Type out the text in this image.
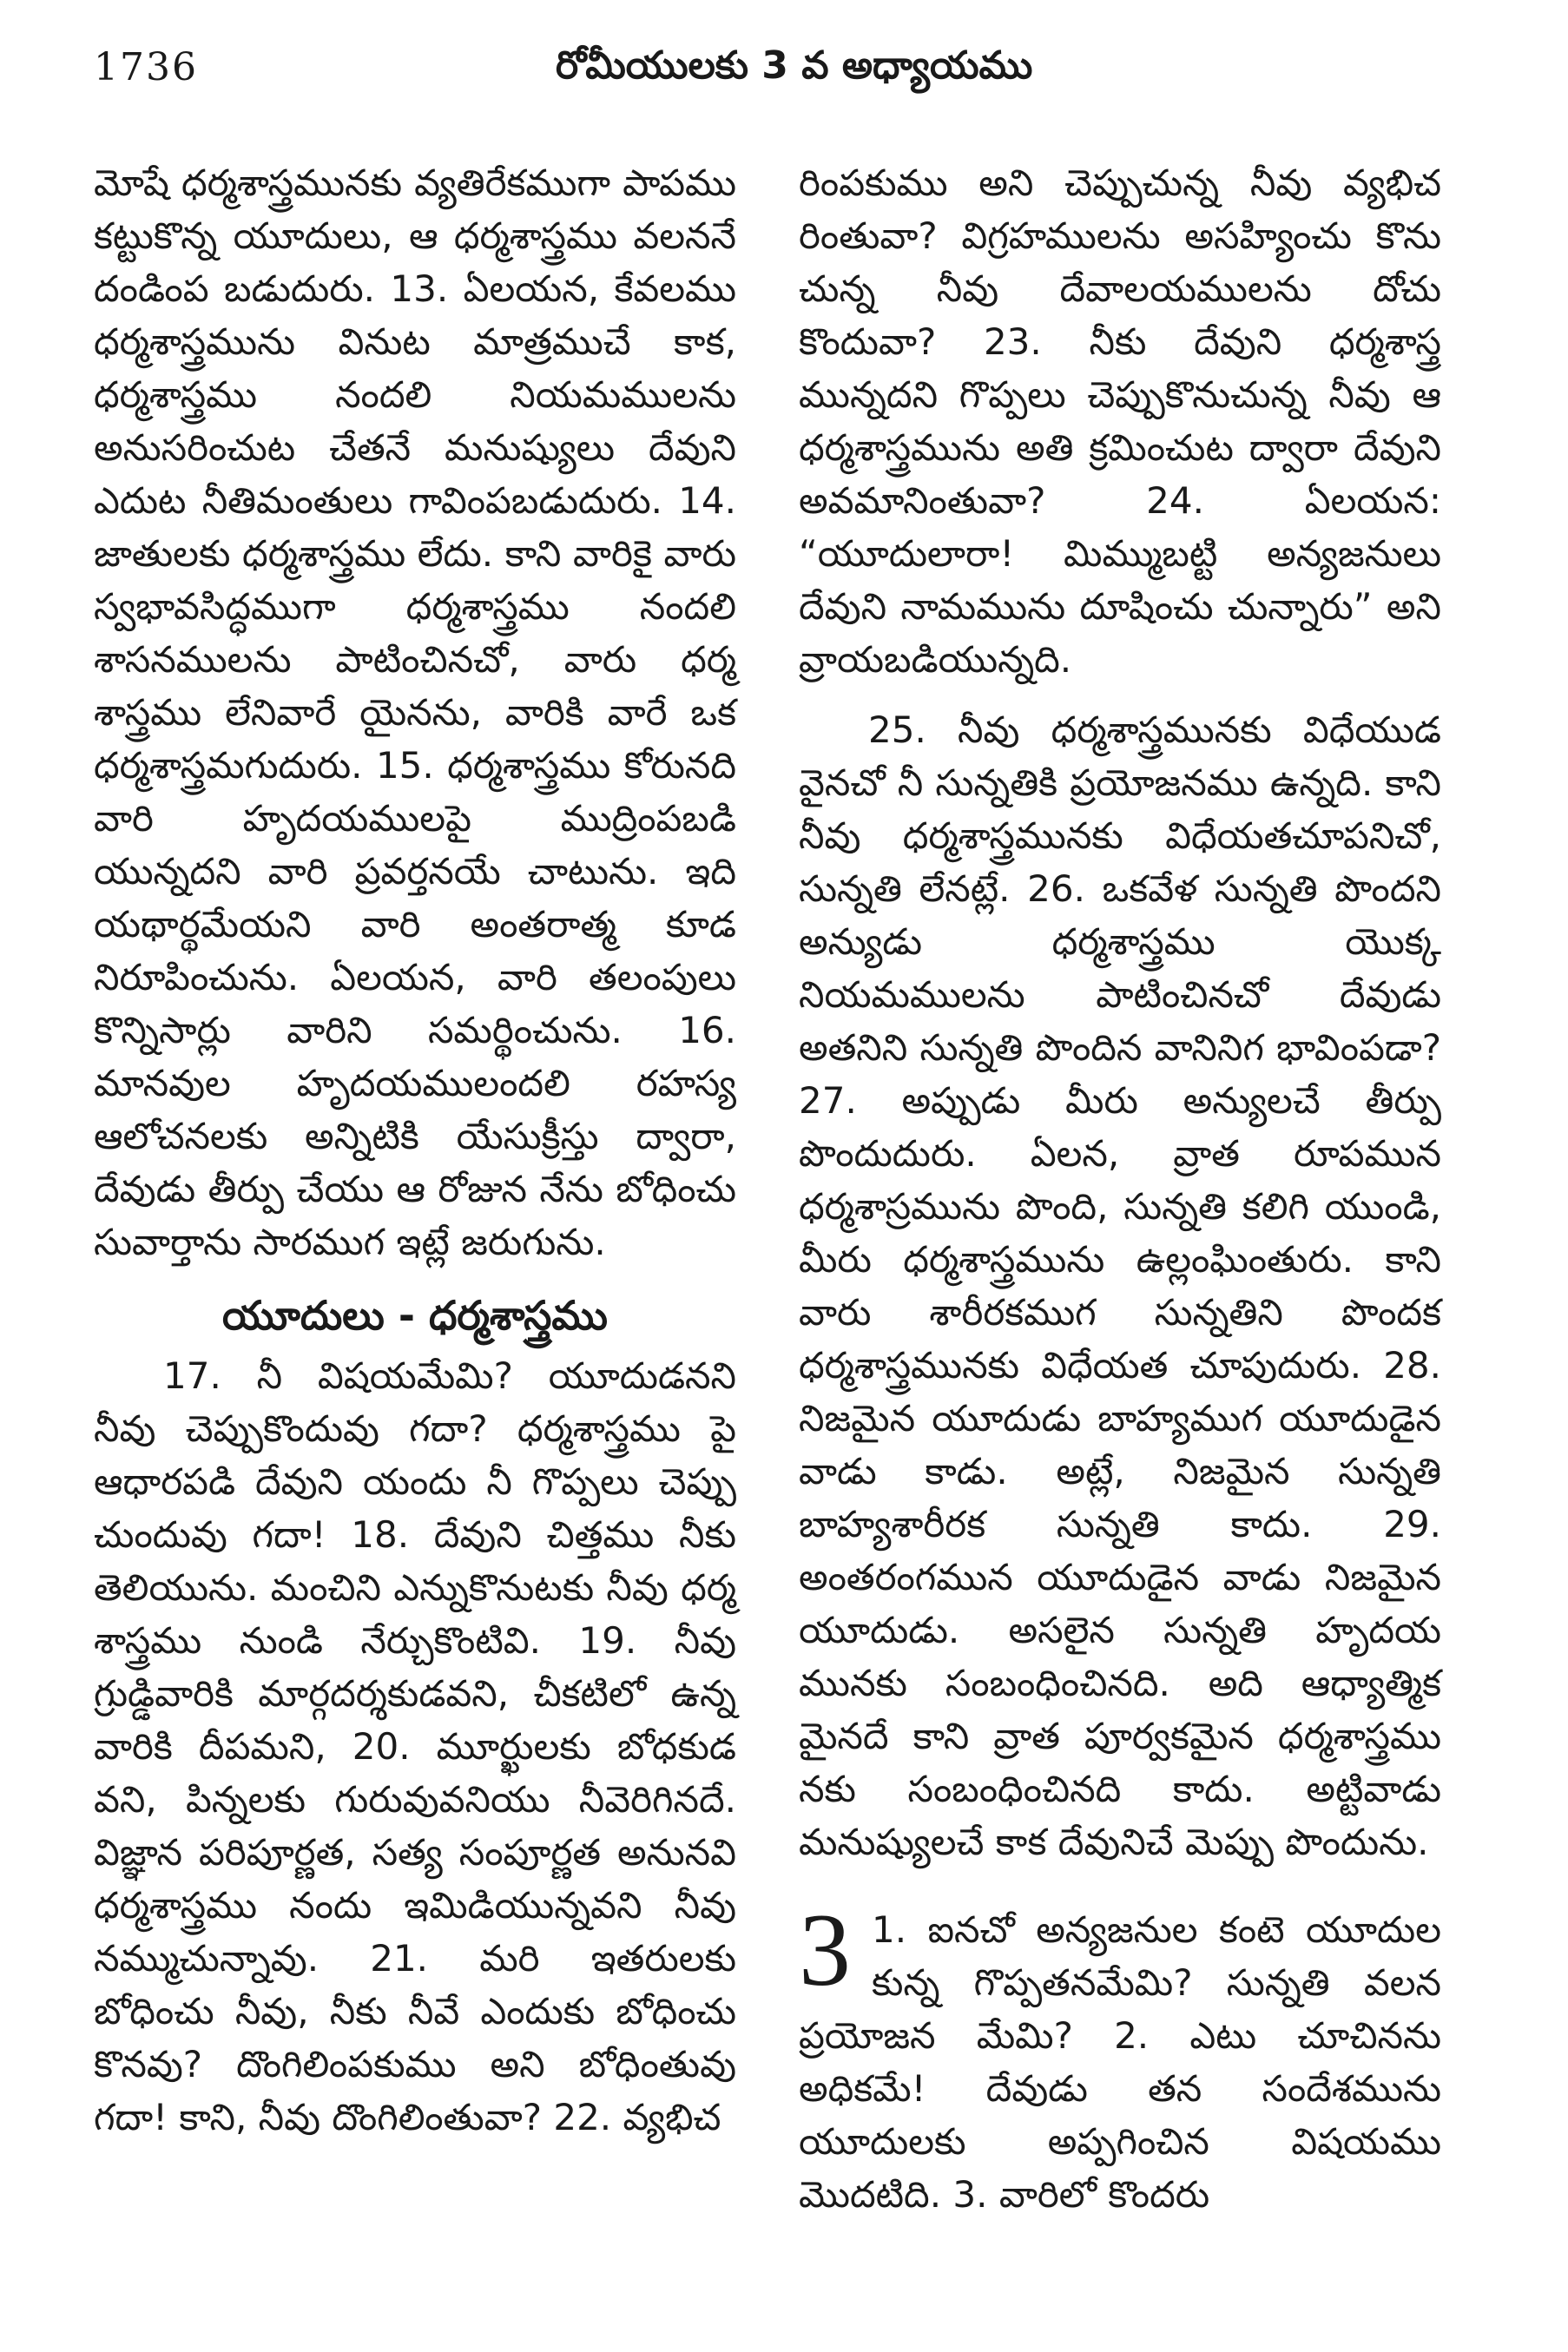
1736	రోమీయులకు 3 వ అధ్యాయము

మోషే ధర్మశాస్త్రమునకు వ్యతిరేకముగా పాపము కట్టుకొన్న యూదులు, ఆ ధర్మశాస్త్రము వలననే దండింప బడుదురు. 13. ఏలయన, కేవలము ధర్మశాస్త్రమును వినుట మాత్రముచే కాక, ధర్మశాస్త్రము నందలి నియమములను అనుసరించుట చేతనే మనుష్యులు దేవుని ఎదుట నీతిమంతులు గావింపబడుదురు. 14. జాతులకు ధర్మశాస్త్రము లేదు. కాని వారికై వారు స్వభావసిద్ధముగా ధర్మశాస్త్రము నందలి శాసనములను పాటించినచో, వారు ధర్మ శాస్త్రము లేనివారే యైనను, వారికి వారే ఒక ధర్మశాస్త్రమగుదురు. 15. ధర్మశాస్త్రము కోరునది వారి హృదయములపై ముద్రింపబడి యున్నదని వారి ప్రవర్తనయే చాటును. ఇది యథార్థమేయని వారి అంతరాత్మ కూడ నిరూపించును. ఏలయన, వారి తలంపులు కొన్నిసార్లు వారిని సమర్థించును. 16. మానవుల హృదయములందలి రహస్య ఆలోచనలకు అన్నిటికి యేసుక్రీస్తు ద్వారా, దేవుడు తీర్పు చేయు ఆ రోజున నేను బోధించు సువార్తాను సారముగ ఇట్లే జరుగును.

యూదులు - ధర్మశాస్త్రము

17. నీ విషయమేమి? యూదుడనని నీవు చెప్పుకొందువు గదా? ధర్మశాస్త్రము పై ఆధారపడి దేవుని యందు నీ గొప్పలు చెప్పు చుందువు గదా! 18. దేవుని చిత్తము నీకు తెలియును. మంచిని ఎన్నుకొనుటకు నీవు ధర్మ శాస్త్రము నుండి నేర్చుకొంటివి. 19. నీవు గ్రుడ్డివారికి మార్గదర్శకుడవని, చీకటిలో ఉన్న వారికి దీపమని, 20. మూర్ఖులకు బోధకుడ వని, పిన్నలకు గురువువనియు నీవెరిగినదే. విజ్ఞాన పరిపూర్ణత, సత్య సంపూర్ణత అనునవి ధర్మశాస్త్రము నందు ఇమిడియున్నవని నీవు నమ్ముచున్నావు. 21. మరి ఇతరులకు బోధించు నీవు, నీకు నీవే ఎందుకు బోధించు కొనవు? దొంగిలింపకుము అని బోధింతువు గదా! కాని, నీవు దొంగిలింతువా? 22. వ్యభిచ

రింపకుము అని చెప్పుచున్న నీవు వ్యభిచ రింతువా? విగ్రహములను అసహ్యించు కొను చున్న నీవు దేవాలయములను దోచు కొందువా? 23. నీకు దేవుని ధర్మశాస్త్ర మున్నదని గొప్పలు చెప్పుకొనుచున్న నీవు ఆ ధర్మశాస్త్రమును అతి క్రమించుట ద్వారా దేవుని అవమానింతువా? 24. ఏలయన: “యూదులారా! మిమ్ముబట్టి అన్యజనులు దేవుని నామమును దూషించు చున్నారు” అని వ్రాయబడియున్నది.

25. నీవు ధర్మశాస్త్రమునకు విధేయుడ వైనచో నీ సున్నతికి ప్రయోజనము ఉన్నది. కాని నీవు ధర్మశాస్త్రమునకు విధేయతచూపనిచో, సున్నతి లేనట్లే. 26. ఒకవేళ సున్నతి పొందని అన్యుడు ధర్మశాస్త్రము యొక్క నియమములను పాటించినచో దేవుడు అతనిని సున్నతి పొందిన వానినిగ భావింపడా? 27. అప్పుడు మీరు అన్యులచే తీర్పు పొందుదురు. ఏలన, వ్రాత రూపమున ధర్మశాస్రమును పొంది, సున్నతి కలిగి యుండి, మీరు ధర్మశాస్త్రమును ఉల్లంఘింతురు. కాని వారు శారీరకముగ సున్నతిని పొందక ధర్మశాస్త్రమునకు విధేయత చూపుదురు. 28. నిజమైన యూదుడు బాహ్యముగ యూదుడైన వాడు కాడు. అట్లే, నిజమైన సున్నతి బాహ్యశారీరక సున్నతి కాదు. 29. అంతరంగమున యూదుడైన వాడు నిజమైన యూదుడు. అసలైన సున్నతి హృదయ మునకు సంబంధించినది. అది ఆధ్యాత్మిక మైనదే కాని వ్రాత పూర్వకమైన ధర్మశాస్త్రము నకు సంబంధించినది కాదు. అట్టివాడు మనుష్యులచే కాక దేవునిచే మెప్పు పొందును.

3 1. ఐనచో అన్యజనుల కంటె యూదుల కున్న గొప్పతనమేమి? సున్నతి వలన ప్రయోజన మేమి? 2. ఎటు చూచినను అధికమే! దేవుడు తన సందేశమును యూదులకు అప్పగించిన విషయము మొదటిది. 3. వారిలో కొందరు
